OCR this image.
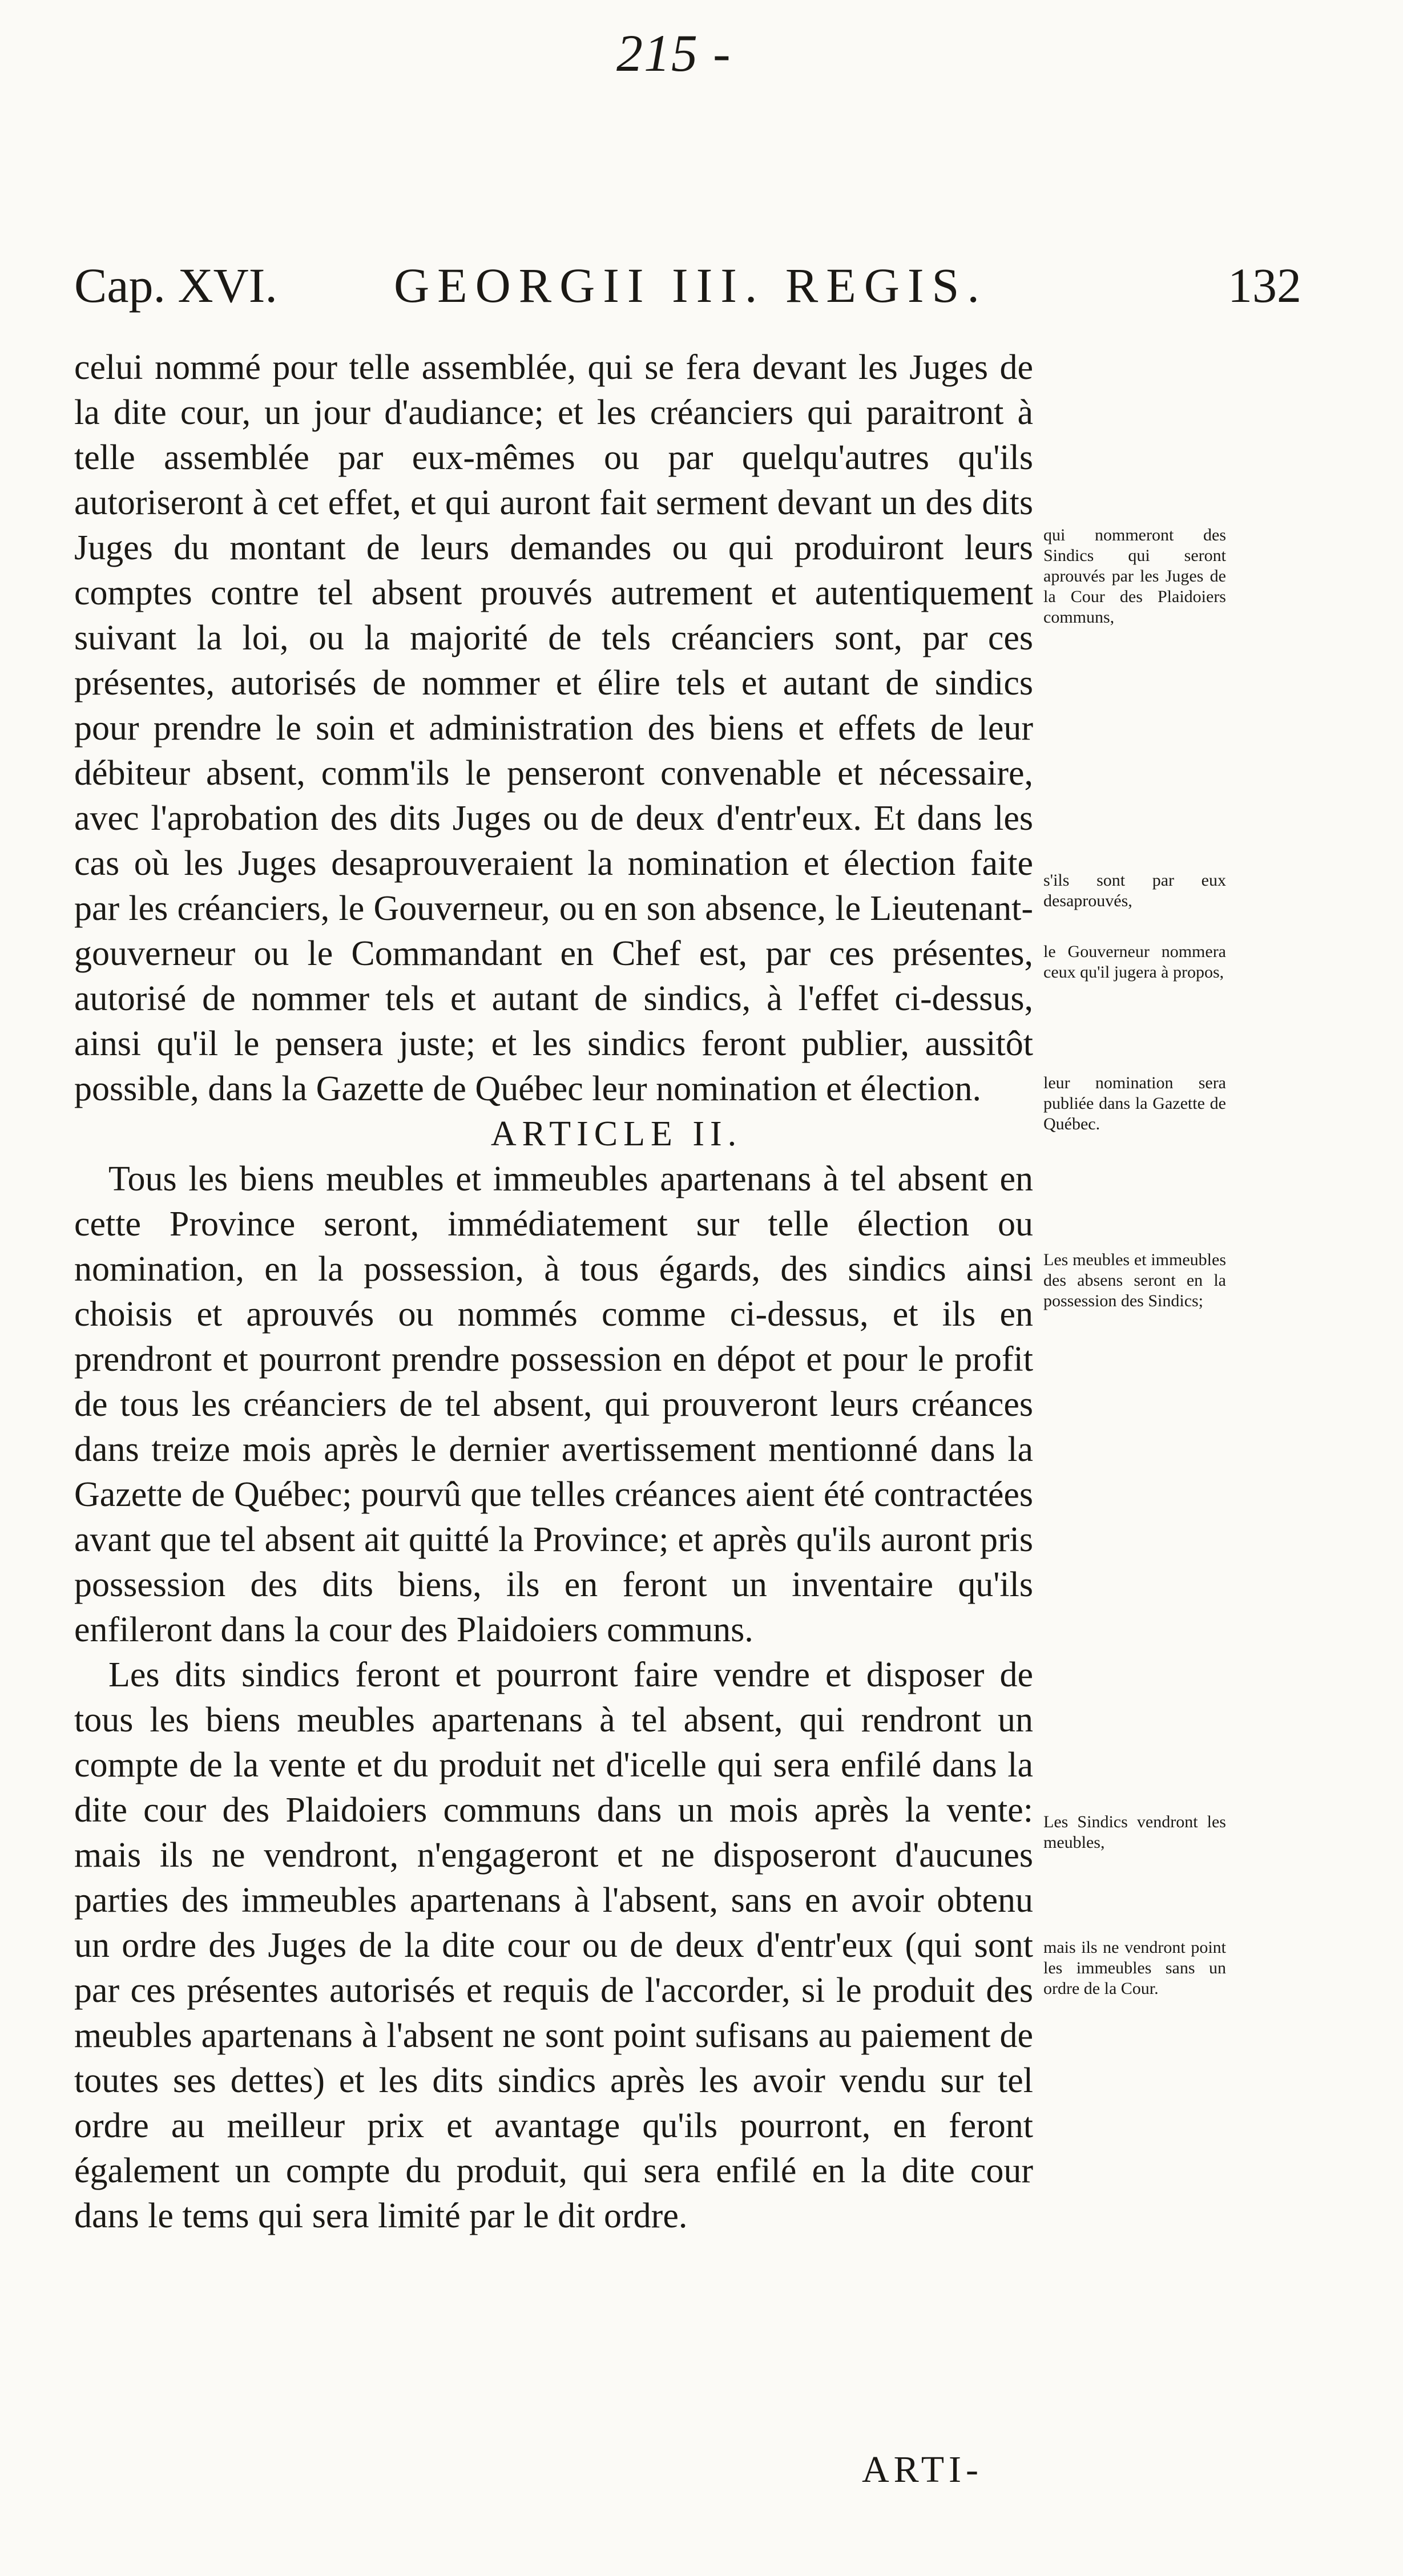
215 -
Cap. XVI. GEORGII III. REGIS.	132

celui nommé pour telle assemblée, qui se fera devant les Juges de la dite cour, un jour d'audiance; et les créanciers qui paraitront à telle assemblée par eux-mêmes ou par quelqu'autres qu'ils autoriseront à cet effet, et qui auront fait serment devant un des dits Juges du montant de leurs demandes ou qui produiront leurs comptes contre tel absent prouvés autrement et autentiquement suivant la loi, ou la majorité de tels créanciers sont, par ces présentes, autorisés de nommer et élire tels et autant de sindics pour prendre le soin et administration des biens et effets de leur débiteur absent, comm'ils le penseront convenable et nécessaire, avec l'aprobation des dits Juges ou de deux d'entr'eux. Et dans les cas où les Juges desaprouveraient la nomination et élection faite par les créanciers, le Gouverneur, ou en son absence, le Lieutenant-gouverneur ou le Commandant en Chef est, par ces présentes, autorisé de nommer tels et autant de sindics, à l'effet ci-dessus, ainsi qu'il le pensera juste; et les sindics feront publier, aussitôt possible, dans la Gazette de Québec leur nomination et élection.

ARTICLE II.

Tous les biens meubles et immeubles apartenans à tel absent en cette Province seront, immédiatement sur telle élection ou nomination, en la possession, à tous égards, des sindics ainsi choisis et aprouvés ou nommés comme ci-dessus, et ils en prendront et pourront prendre possession en dépot et pour le profit de tous les créanciers de tel absent, qui prouveront leurs créances dans treize mois après le dernier avertissement mentionné dans la Gazette de Québec; pourvû que telles créances aient été contractées avant que tel absent ait quitté la Province; et après qu'ils auront pris possession des dits biens, ils en feront un inventaire qu'ils enfileront dans la cour des Plaidoiers communs.

Les dits sindics feront et pourront faire vendre et disposer de tous les biens meubles apartenans à tel absent, qui rendront un compte de la vente et du produit net d'icelle qui sera enfilé dans la dite cour des Plaidoiers communs dans un mois après la vente: mais ils ne vendront, n'engageront et ne disposeront d'aucunes parties des immeubles apartenans à l'absent, sans en avoir obtenu un ordre des Juges de la dite cour ou de deux d'entr'eux (qui sont par ces présentes autorisés et requis de l'accorder, si le produit des meubles apartenans à l'absent ne sont point sufisans au paiement de toutes ses dettes) et les dits sindics après les avoir vendu sur tel ordre au meilleur prix et avantage qu'ils pourront, en feront également un compte du produit, qui sera enfilé en la dite cour dans le tems qui sera limité par le dit ordre.

ARTI-
qui nommeront des Sindics qui seront aprouvés par les Juges de la Cour des Plaidoiers communs,
s'ils sont par eux desaprouvés,
le Gouverneur nommera ceux qu'il jugera à propos,
leur nomination sera publiée dans la Gazette de Québec.
Les meubles et immeubles des absens seront en la possession des Sindics;
Les Sindics vendront les meubles,
mais ils ne vendront point les immeubles sans un ordre de la Cour.
